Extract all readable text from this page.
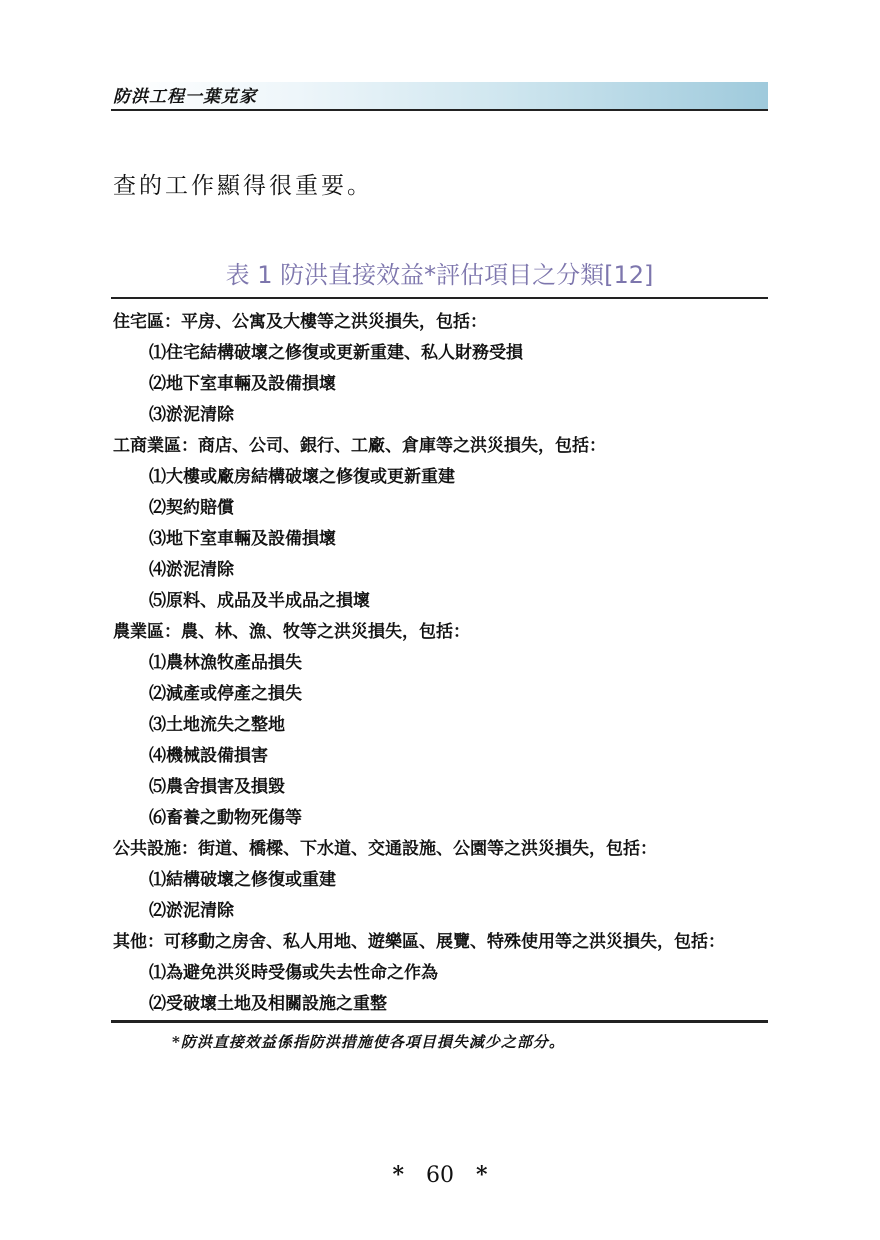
防洪工程一葉克家
查的工作顯得很重要。
表 1 防洪直接效益*評估項目之分類[12]
住宅區：平房、公寓及大樓等之洪災損失，包括：
⑴住宅結構破壞之修復或更新重建、私人財務受損
⑵地下室車輛及設備損壞
⑶淤泥清除
工商業區：商店、公司、銀行、工廠、倉庫等之洪災損失，包括：
⑴大樓或廠房結構破壞之修復或更新重建
⑵契約賠償
⑶地下室車輛及設備損壞
⑷淤泥清除
⑸原料、成品及半成品之損壞
農業區：農、林、漁、牧等之洪災損失，包括：
⑴農林漁牧產品損失
⑵減產或停產之損失
⑶土地流失之整地
⑷機械設備損害
⑸農舍損害及損毀
⑹畜養之動物死傷等
公共設施：街道、橋樑、下水道、交通設施、公園等之洪災損失，包括：
⑴結構破壞之修復或重建
⑵淤泥清除
其他：可移動之房舍、私人用地、遊樂區、展覽、特殊使用等之洪災損失，包括：
⑴為避免洪災時受傷或失去性命之作為
⑵受破壞土地及相關設施之重整
*防洪直接效益係指防洪措施使各項目損失減少之部分。
* 60 *
